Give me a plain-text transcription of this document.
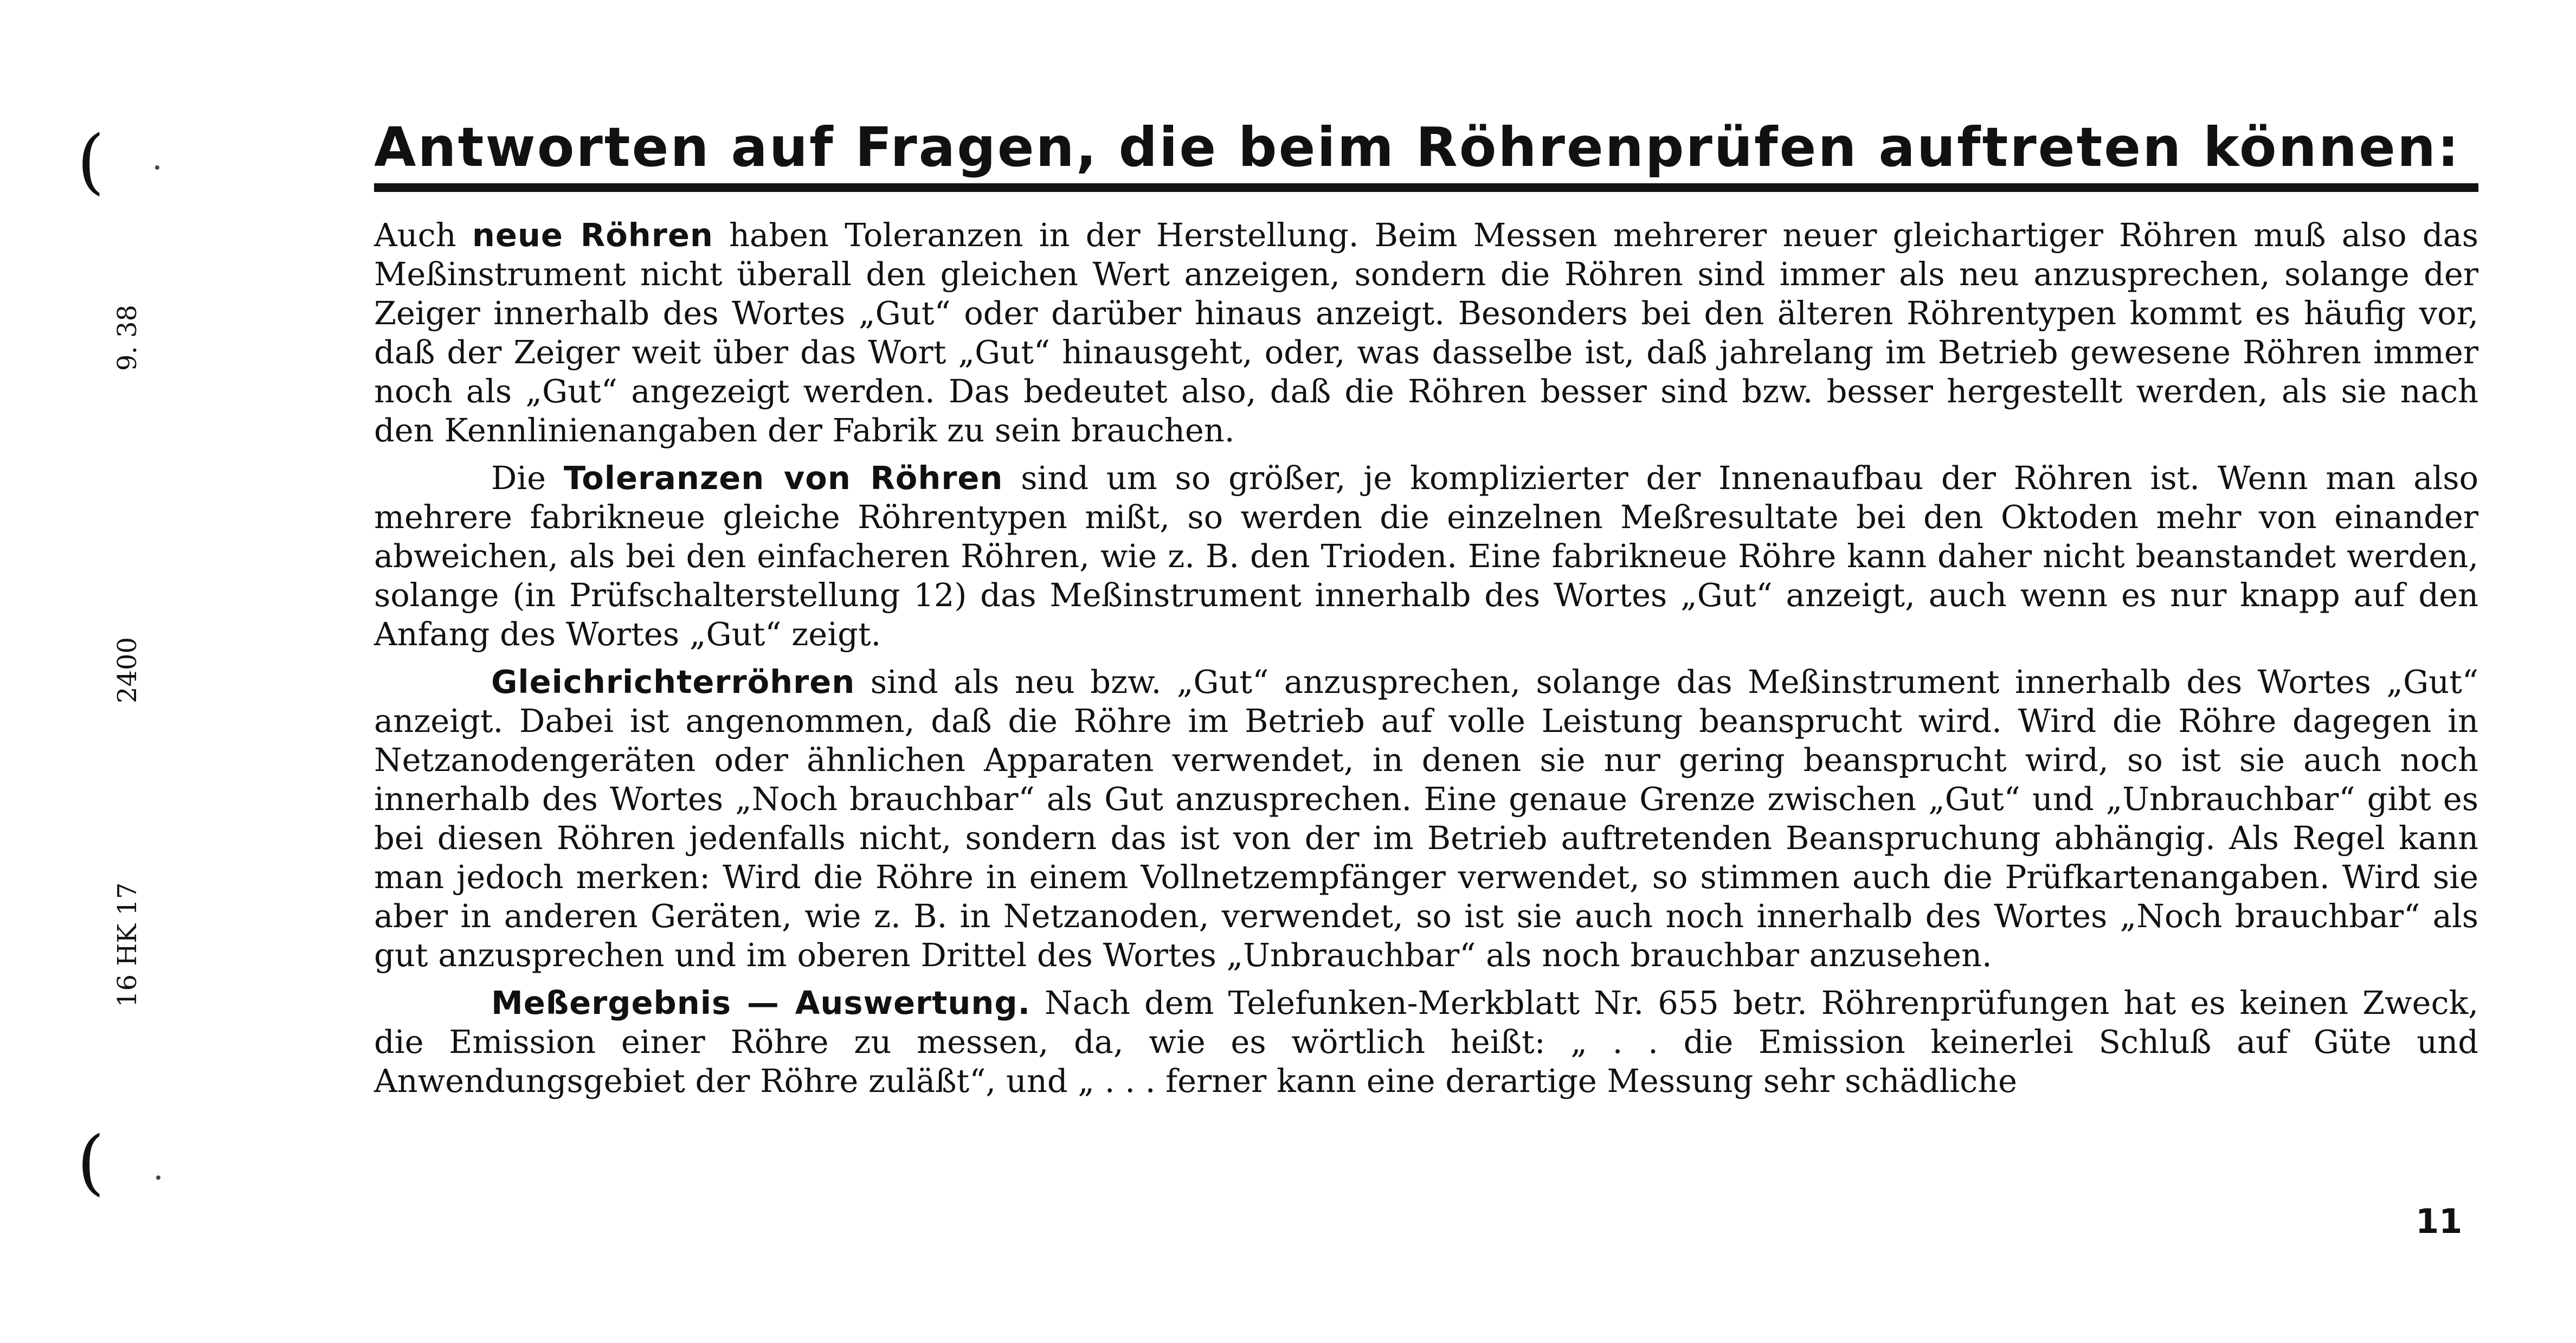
(
9. 38
2400
16 HK 17
(
Antworten auf Fragen, die beim Röhrenprüfen auftreten können:

Auch neue Röhren haben Toleranzen in der Herstellung. Beim Messen mehrerer neuer gleichartiger Röhren muß also das Meßinstrument nicht überall den gleichen Wert anzeigen, sondern die Röhren sind immer als neu anzusprechen, solange der Zeiger innerhalb des Wortes „Gut“ oder darüber hinaus anzeigt. Besonders bei den älteren Röhrentypen kommt es häufig vor, daß der Zeiger weit über das Wort „Gut“ hinausgeht, oder, was dasselbe ist, daß jahrelang im Betrieb gewesene Röhren immer noch als „Gut“ angezeigt werden. Das bedeutet also, daß die Röhren besser sind bzw. besser hergestellt werden, als sie nach den Kennlinienangaben der Fabrik zu sein brauchen.

Die Toleranzen von Röhren sind um so größer, je komplizierter der Innenaufbau der Röhren ist. Wenn man also mehrere fabrikneue gleiche Röhrentypen mißt, so werden die einzelnen Meßresultate bei den Oktoden mehr von einander abweichen, als bei den einfacheren Röhren, wie z. B. den Trioden. Eine fabrikneue Röhre kann daher nicht beanstandet werden, solange (in Prüfschalterstellung 12) das Meßinstrument innerhalb des Wortes „Gut“ anzeigt, auch wenn es nur knapp auf den Anfang des Wortes „Gut“ zeigt.

Gleichrichterröhren sind als neu bzw. „Gut“ anzusprechen, solange das Meßinstrument innerhalb des Wortes „Gut“ anzeigt. Dabei ist angenommen, daß die Röhre im Betrieb auf volle Leistung beansprucht wird. Wird die Röhre dagegen in Netzanodengeräten oder ähnlichen Apparaten verwendet, in denen sie nur gering beansprucht wird, so ist sie auch noch innerhalb des Wortes „Noch brauchbar“ als Gut anzusprechen. Eine genaue Grenze zwischen „Gut“ und „Unbrauchbar“ gibt es bei diesen Röhren jedenfalls nicht, sondern das ist von der im Betrieb auftretenden Beanspruchung abhängig. Als Regel kann man jedoch merken: Wird die Röhre in einem Vollnetzempfänger verwendet, so stimmen auch die Prüfkartenangaben. Wird sie aber in anderen Geräten, wie z. B. in Netzanoden, verwendet, so ist sie auch noch innerhalb des Wortes „Noch brauchbar“ als gut anzusprechen und im oberen Drittel des Wortes „Unbrauchbar“ als noch brauchbar anzusehen.

Meßergebnis — Auswertung. Nach dem Telefunken-Merkblatt Nr. 655 betr. Röhrenprüfungen hat es keinen Zweck, die Emission einer Röhre zu messen, da, wie es wörtlich heißt: „ . . die Emission keinerlei Schluß auf Güte und Anwendungsgebiet der Röhre zuläßt“, und „ . . . ferner kann eine derartige Messung sehr schädliche

11
